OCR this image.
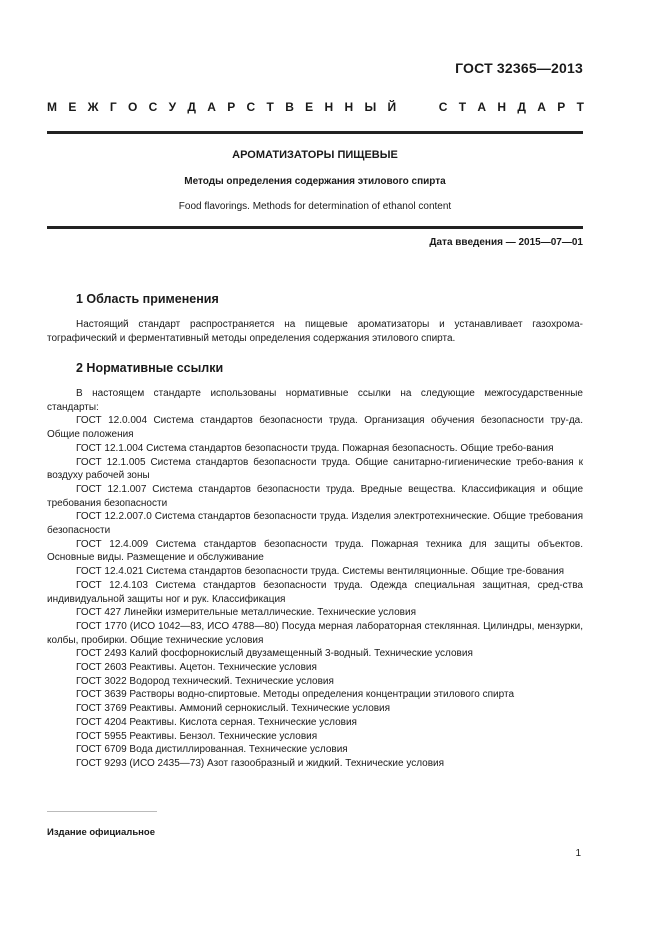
ГОСТ 32365—2013
М Е Ж Г О С У Д А Р С Т В Е Н Н Ы Й	С Т А Н Д А Р Т
АРОМАТИЗАТОРЫ ПИЩЕВЫЕ
Методы определения содержания этилового спирта
Food flavorings. Methods for determination of ethanol content
Дата введения — 2015—07—01
1 Область применения

Настоящий стандарт распространяется на пищевые ароматизаторы и устанавливает газохрома-тографический и ферментативный методы определения содержания этилового спирта.

2 Нормативные ссылки

В настоящем стандарте использованы нормативные ссылки на следующие межгосударственные стандарты:

ГОСТ 12.0.004 Система стандартов безопасности труда. Организация обучения безопасности тру-да. Общие положения

ГОСТ 12.1.004 Система стандартов безопасности труда. Пожарная безопасность. Общие требо-вания

ГОСТ 12.1.005 Система стандартов безопасности труда. Общие санитарно-гигиенические требо-вания к воздуху рабочей зоны

ГОСТ 12.1.007 Система стандартов безопасности труда. Вредные вещества. Классификация и общие требования безопасности

ГОСТ 12.2.007.0 Система стандартов безопасности труда. Изделия электротехнические. Общие требования безопасности

ГОСТ 12.4.009 Система стандартов безопасности труда. Пожарная техника для защиты объектов. Основные виды. Размещение и обслуживание

ГОСТ 12.4.021 Система стандартов безопасности труда. Системы вентиляционные. Общие тре-бования

ГОСТ 12.4.103 Система стандартов безопасности труда. Одежда специальная защитная, сред-ства индивидуальной защиты ног и рук. Классификация

ГОСТ 427 Линейки измерительные металлические. Технические условия

ГОСТ 1770 (ИСО 1042—83, ИСО 4788—80) Посуда мерная лабораторная стеклянная. Цилиндры, мензурки, колбы, пробирки. Общие технические условия

ГОСТ 2493 Калий фосфорнокислый двузамещенный 3-водный. Технические условия

ГОСТ 2603 Реактивы. Ацетон. Технические условия

ГОСТ 3022 Водород технический. Технические условия

ГОСТ 3639 Растворы водно-спиртовые. Методы определения концентрации этилового спирта

ГОСТ 3769 Реактивы. Аммоний сернокислый. Технические условия

ГОСТ 4204 Реактивы. Кислота серная. Технические условия

ГОСТ 5955 Реактивы. Бензол. Технические условия

ГОСТ 6709 Вода дистиллированная. Технические условия

ГОСТ 9293 (ИСО 2435—73) Азот газообразный и жидкий. Технические условия

Издание официальное
1
